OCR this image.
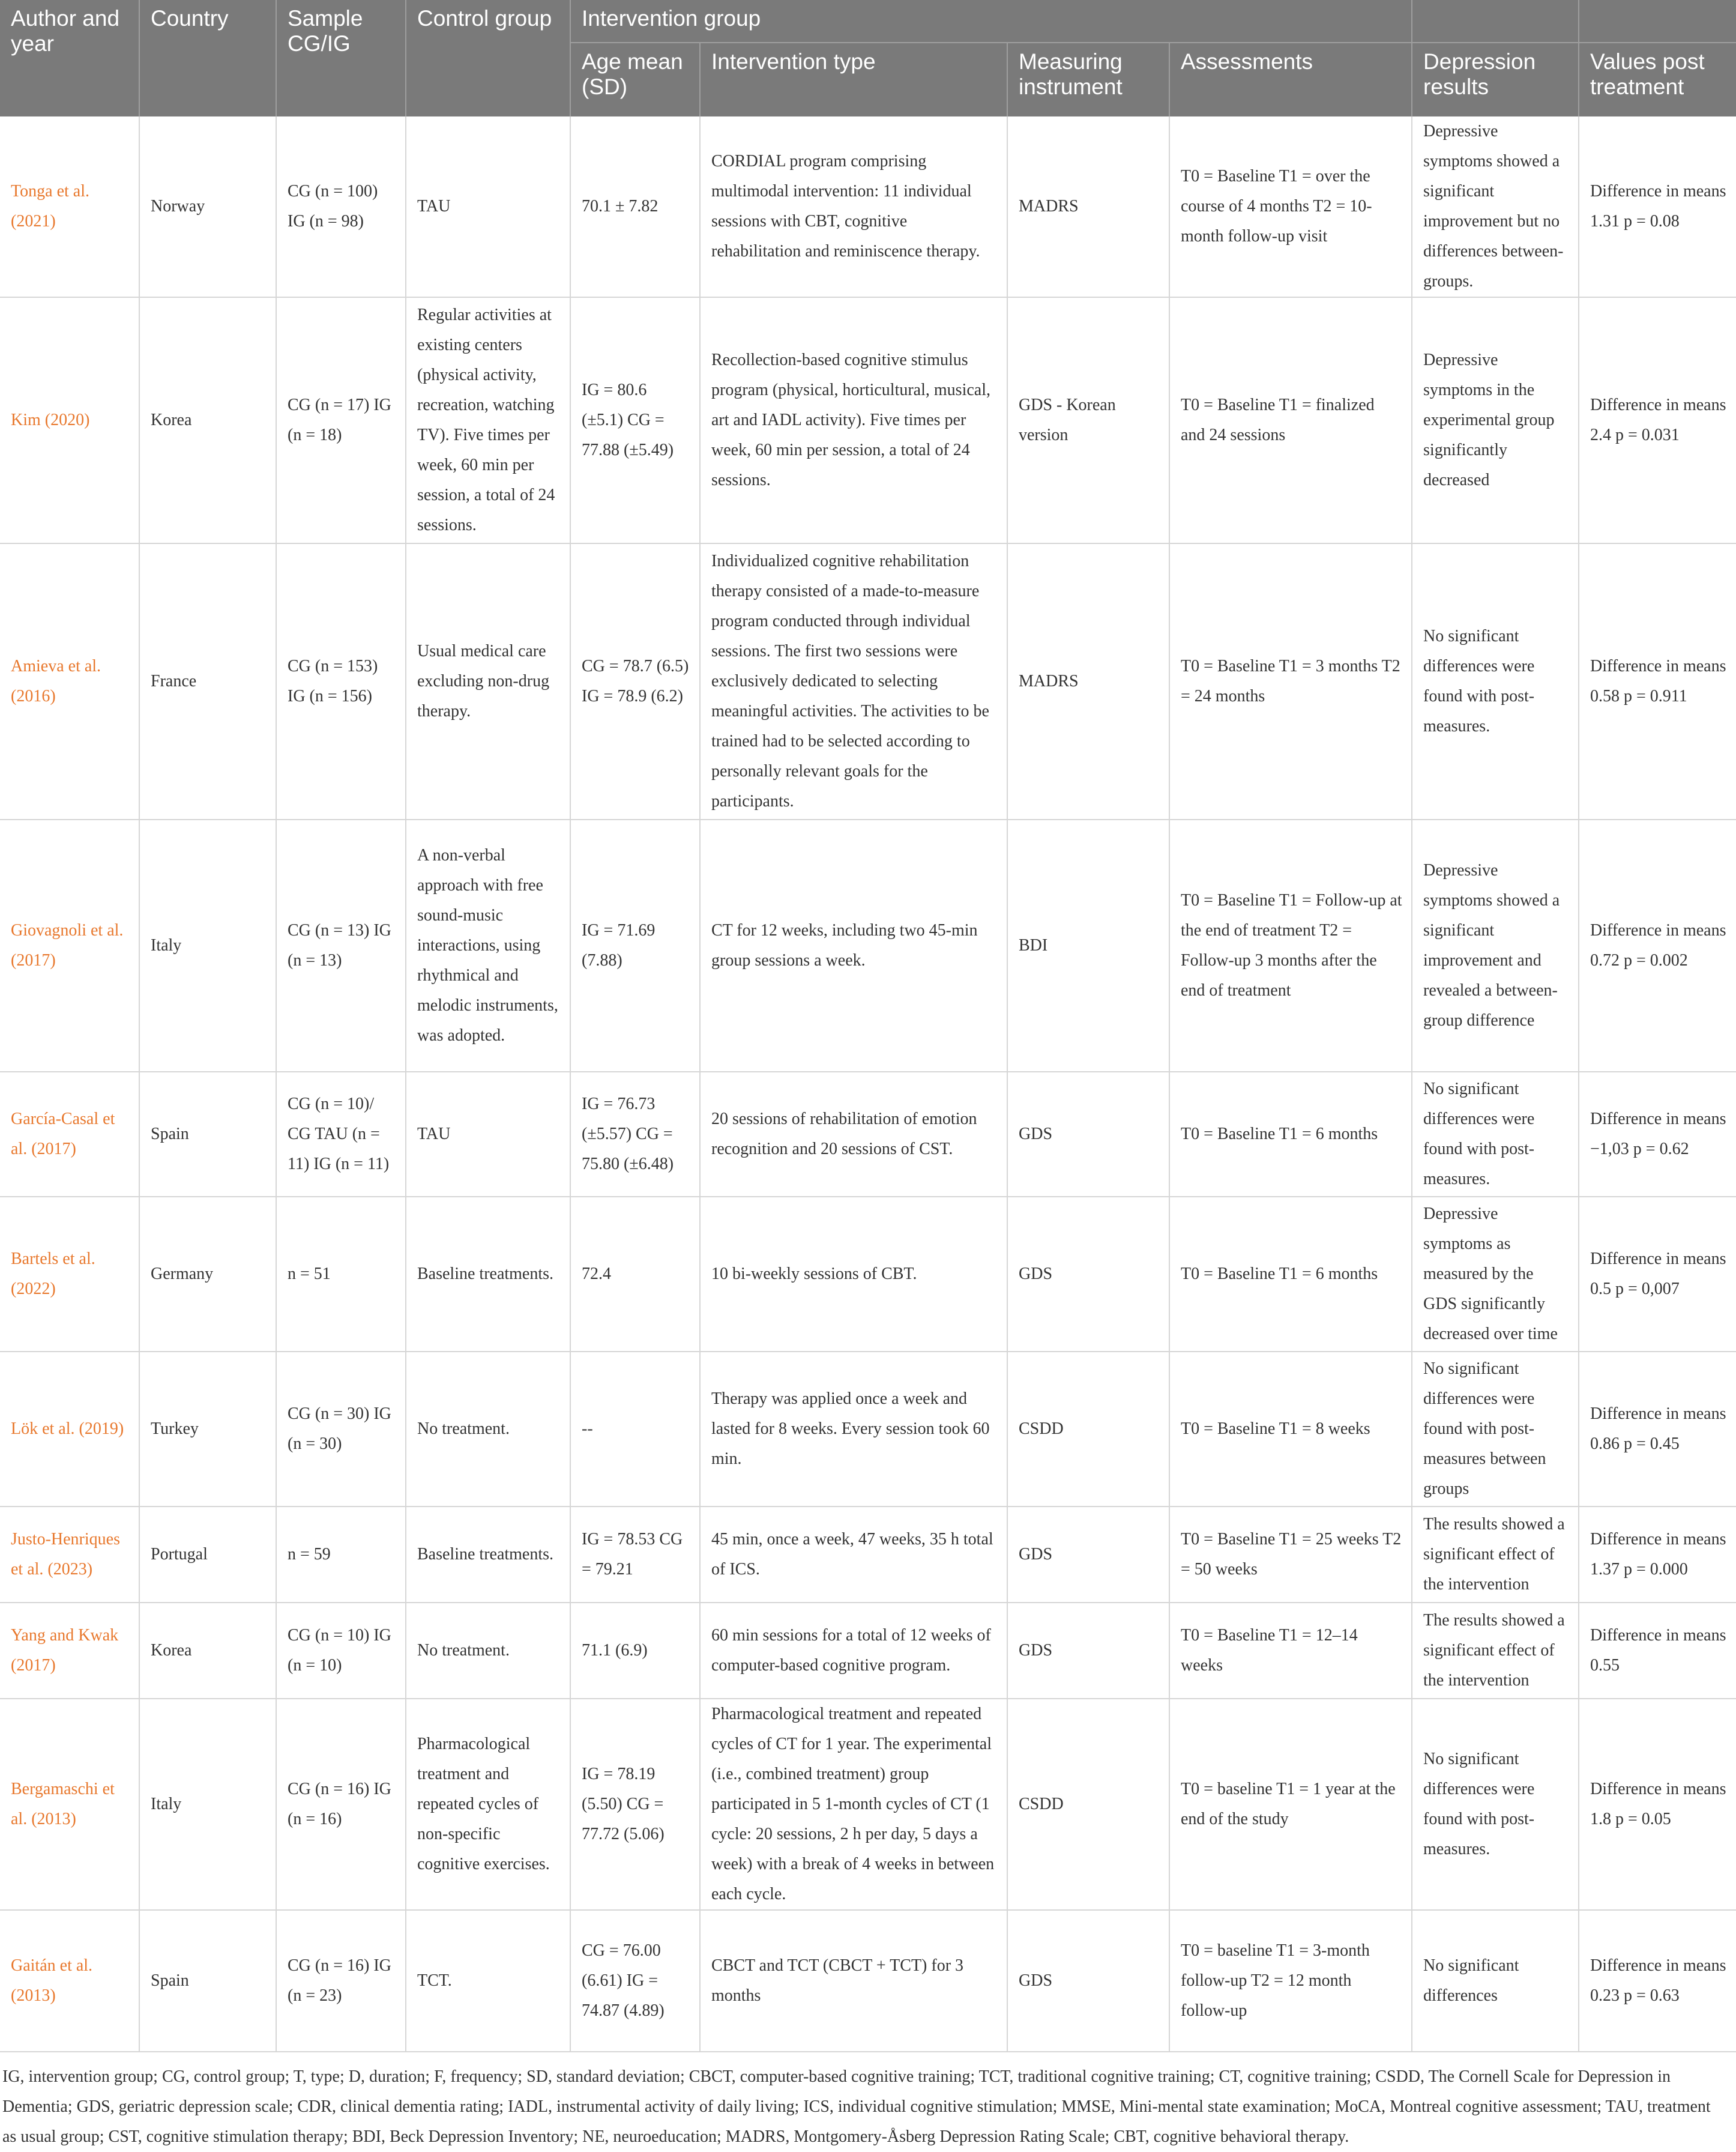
Author and year	Country	Sample CG/IG	Control group	Intervention group					
				Age mean (SD)	Intervention type	Measuring instrument	Assessments	Depression results	Values post treatment
Tonga et al. (2021)	Norway	CG (n = 100) IG (n = 98)	TAU	70.1 ± 7.82	CORDIAL program comprising multimodal intervention: 11 individual sessions with CBT, cognitive rehabilitation and reminiscence therapy.	MADRS	T0 = Baseline T1 = over the course of 4 months T2 = 10-month follow-up visit	Depressive symptoms showed a significant improvement but no differences between-groups.	Difference in means 1.31 p = 0.08
Kim (2020)	Korea	CG (n = 17) IG (n = 18)	Regular activities at existing centers (physical activity, recreation, watching TV). Five times per week, 60 min per session, a total of 24 sessions.	IG = 80.6 (±5.1) CG = 77.88 (±5.49)	Recollection-based cognitive stimulus program (physical, horticultural, musical, art and IADL activity). Five times per week, 60 min per session, a total of 24 sessions.	GDS - Korean version	T0 = Baseline T1 = finalized and 24 sessions	Depressive symptoms in the experimental group significantly decreased	Difference in means 2.4 p = 0.031
Amieva et al. (2016)	France	CG (n = 153) IG (n = 156)	Usual medical care excluding non-drug therapy.	CG = 78.7 (6.5) IG = 78.9 (6.2)	Individualized cognitive rehabilitation therapy consisted of a made-to-measure program conducted through individual sessions. The first two sessions were exclusively dedicated to selecting meaningful activities. The activities to be trained had to be selected according to personally relevant goals for the participants.	MADRS	T0 = Baseline T1 = 3 months T2 = 24 months	No significant differences were found with post-measures.	Difference in means 0.58 p = 0.911
Giovagnoli et al. (2017)	Italy	CG (n = 13) IG (n = 13)	A non-verbal approach with free sound-music interactions, using rhythmical and melodic instruments, was adopted.	IG = 71.69 (7.88)	CT for 12 weeks, including two 45-min group sessions a week.	BDI	T0 = Baseline T1 = Follow-up at the end of treatment T2 = Follow-up 3 months after the end of treatment	Depressive symptoms showed a significant improvement and revealed a between-group difference	Difference in means 0.72 p = 0.002
García-Casal et al. (2017)	Spain	CG (n = 10)/ CG TAU (n = 11) IG (n = 11)	TAU	IG = 76.73 (±5.57) CG = 75.80 (±6.48)	20 sessions of rehabilitation of emotion recognition and 20 sessions of CST.	GDS	T0 = Baseline T1 = 6 months	No significant differences were found with post-measures.	Difference in means −1,03 p = 0.62
Bartels et al. (2022)	Germany	n = 51	Baseline treatments.	72.4	10 bi-weekly sessions of CBT.	GDS	T0 = Baseline T1 = 6 months	Depressive symptoms as measured by the GDS significantly decreased over time	Difference in means 0.5 p = 0,007
Lök et al. (2019)	Turkey	CG (n = 30) IG (n = 30)	No treatment.	--	Therapy was applied once a week and lasted for 8 weeks. Every session took 60 min.	CSDD	T0 = Baseline T1 = 8 weeks	No significant differences were found with post-measures between groups	Difference in means 0.86 p = 0.45
Justo-Henriques et al. (2023)	Portugal	n = 59	Baseline treatments.	IG = 78.53 CG = 79.21	45 min, once a week, 47 weeks, 35 h total of ICS.	GDS	T0 = Baseline T1 = 25 weeks T2 = 50 weeks	The results showed a significant effect of the intervention	Difference in means 1.37 p = 0.000
Yang and Kwak (2017)	Korea	CG (n = 10) IG (n = 10)	No treatment.	71.1 (6.9)	60 min sessions for a total of 12 weeks of computer-based cognitive program.	GDS	T0 = Baseline T1 = 12–14 weeks	The results showed a significant effect of the intervention	Difference in means 0.55
Bergamaschi et al. (2013)	Italy	CG (n = 16) IG (n = 16)	Pharmacological treatment and repeated cycles of non-specific cognitive exercises.	IG = 78.19 (5.50) CG = 77.72 (5.06)	Pharmacological treatment and repeated cycles of CT for 1 year. The experimental (i.e., combined treatment) group participated in 5 1-month cycles of CT (1 cycle: 20 sessions, 2 h per day, 5 days a week) with a break of 4 weeks in between each cycle.	CSDD	T0 = baseline T1 = 1 year at the end of the study	No significant differences were found with post-measures.	Difference in means 1.8 p = 0.05
Gaitán et al. (2013)	Spain	CG (n = 16) IG (n = 23)	TCT.	CG = 76.00 (6.61) IG = 74.87 (4.89)	CBCT and TCT (CBCT + TCT) for 3 months	GDS	T0 = baseline T1 = 3-month follow-up T2 = 12 month follow-up	No significant differences	Difference in means 0.23 p = 0.63

IG, intervention group; CG, control group; T, type; D, duration; F, frequency; SD, standard deviation; CBCT, computer-based cognitive training; TCT, traditional cognitive training; CT, cognitive training; CSDD, The Cornell Scale for Depression in Dementia; GDS, geriatric depression scale; CDR, clinical dementia rating; IADL, instrumental activity of daily living; ICS, individual cognitive stimulation; MMSE, Mini-mental state examination; MoCA, Montreal cognitive assessment; TAU, treatment as usual group; CST, cognitive stimulation therapy; BDI, Beck Depression Inventory; NE, neuroeducation; MADRS, Montgomery-Åsberg Depression Rating Scale; CBT, cognitive behavioral therapy.
